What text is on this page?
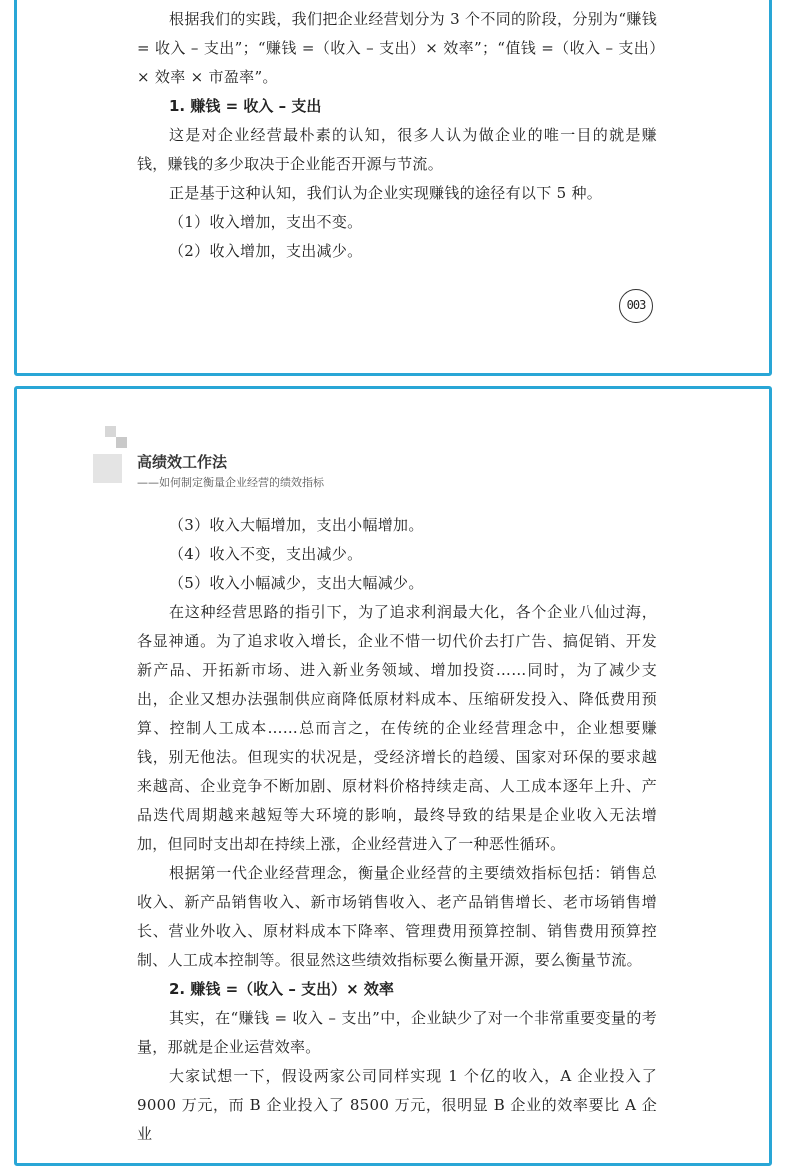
根据我们的实践，我们把企业经营划分为 3 个不同的阶段，分别为“赚钱 = 收入 – 支出”；“赚钱 =（收入 – 支出）× 效率”；“值钱 =（收入 – 支出）× 效率 × 市盈率”。

1. 赚钱 = 收入 – 支出

这是对企业经营最朴素的认知，很多人认为做企业的唯一目的就是赚钱，赚钱的多少取决于企业能否开源与节流。

正是基于这种认知，我们认为企业实现赚钱的途径有以下 5 种。

（1）收入增加，支出不变。

（2）收入增加，支出减少。

003
高绩效工作法
——如何制定衡量企业经营的绩效指标

（3）收入大幅增加，支出小幅增加。

（4）收入不变，支出减少。

（5）收入小幅减少，支出大幅减少。

在这种经营思路的指引下，为了追求利润最大化，各个企业八仙过海，各显神通。为了追求收入增长，企业不惜一切代价去打广告、搞促销、开发新产品、开拓新市场、进入新业务领域、增加投资……同时，为了减少支出，企业又想办法强制供应商降低原材料成本、压缩研发投入、降低费用预算、控制人工成本……总而言之，在传统的企业经营理念中，企业想要赚钱，别无他法。但现实的状况是，受经济增长的趋缓、国家对环保的要求越来越高、企业竞争不断加剧、原材料价格持续走高、人工成本逐年上升、产品迭代周期越来越短等大环境的影响，最终导致的结果是企业收入无法增加，但同时支出却在持续上涨，企业经营进入了一种恶性循环。

根据第一代企业经营理念，衡量企业经营的主要绩效指标包括：销售总收入、新产品销售收入、新市场销售收入、老产品销售增长、老市场销售增长、营业外收入、原材料成本下降率、管理费用预算控制、销售费用预算控制、人工成本控制等。很显然这些绩效指标要么衡量开源，要么衡量节流。

2. 赚钱 =（收入 – 支出）× 效率

其实，在“赚钱 = 收入 – 支出”中，企业缺少了对一个非常重要变量的考量，那就是企业运营效率。

大家试想一下，假设两家公司同样实现 1 个亿的收入，A 企业投入了 9000 万元，而 B 企业投入了 8500 万元，很明显 B 企业的效率要比 A 企业
